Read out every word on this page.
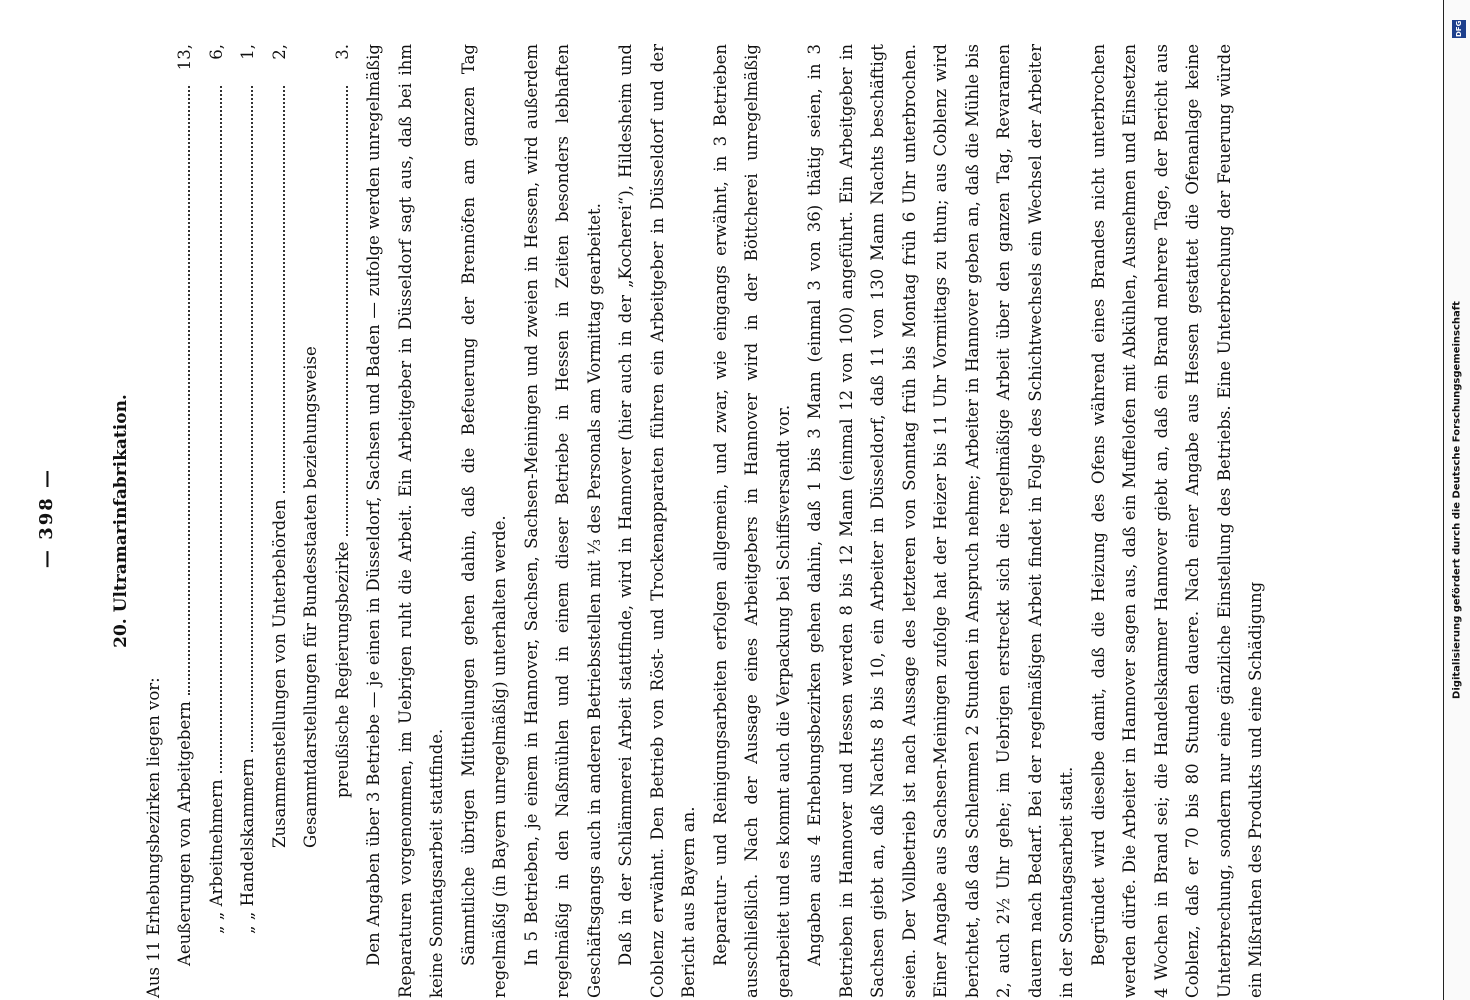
DFG
Digitalisierung gefördert durch die Deutsche Forschungsgemeinschaft
— 398 —	20. Ultramarinfabrikation.

Aus 11 Erhebungsbezirken liegen vor: Aeußerungen von Arbeitgebern
13,
„ „ Arbeitnehmern
6,
„ „ Handelskammern
1,
Zusammenstellungen von Unterbehörden
2,
Gesammtdarstellungen für Bundesstaaten beziehungsweise preußische Regierungsbezirke
3. Den Angaben über 3 Betriebe — je einen in Düsseldorf, Sachsen und Baden — zufolge werden unregelmäßig Reparaturen vorgenommen, im Uebrigen ruht die Arbeit. Ein Arbeitgeber in Düsseldorf sagt aus, daß bei ihm keine Sonntagsarbeit stattfinde. Sämmtliche übrigen Mittheilungen gehen dahin, daß die Befeuerung der Brennöfen am ganzen Tag regelmäßig (in Bayern unregelmäßig) unterhalten werde. In 5 Betrieben, je einem in Hannover, Sachsen, Sachsen-Meiningen und zweien in Hessen, wird außerdem regelmäßig in den Naßmühlen und in einem dieser Betriebe in Hessen in Zeiten besonders lebhaften Geschäftsgangs auch in anderen Betriebsstellen mit ⅓ des Personals am Vormittag gearbeitet. Daß in der Schlämmerei Arbeit stattfinde, wird in Hannover (hier auch in der „Kocherei“), Hildesheim und Coblenz erwähnt. Den Betrieb von Röst- und Trockenapparaten führen ein Arbeitgeber in Düsseldorf und der Bericht aus Bayern an. Reparatur- und Reinigungsarbeiten erfolgen allgemein, und zwar, wie eingangs erwähnt, in 3 Betrieben ausschließlich. Nach der Aussage eines Arbeitgebers in Hannover wird in der Böttcherei unregelmäßig gearbeitet und es kommt auch die Verpackung bei Schiffsversandt vor. Angaben aus 4 Erhebungsbezirken gehen dahin, daß 1 bis 3 Mann (einmal 3 von 36) thätig seien, in 3 Betrieben in Hannover und Hessen werden 8 bis 12 Mann (einmal 12 von 100) angeführt. Ein Arbeitgeber in Sachsen giebt an, daß Nachts 8 bis 10, ein Arbeiter in Düsseldorf, daß 11 von 130 Mann Nachts beschäftigt seien. Der Vollbetrieb ist nach Aussage des letzteren von Sonntag früh bis Montag früh 6 Uhr unterbrochen. Einer Angabe aus Sachsen-Meiningen zufolge hat der Heizer bis 11 Uhr Vormittags zu thun; aus Coblenz wird berichtet, daß das Schlemmen 2 Stunden in Anspruch nehme; Arbeiter in Hannover geben an, daß die Mühle bis 2, auch 2½ Uhr gehe; im Uebrigen erstreckt sich die regelmäßige Arbeit über den ganzen Tag, Revaramen dauern nach Bedarf. Bei der regelmäßigen Arbeit findet in Folge des Schichtwechsels ein Wechsel der Arbeiter in der Sonntagsarbeit statt. Begründet wird dieselbe damit, daß die Heizung des Ofens während eines Brandes nicht unterbrochen werden dürfe. Die Arbeiter in Hannover sagen aus, daß ein Muffelofen mit Abkühlen, Ausnehmen und Einsetzen 4 Wochen in Brand sei; die Handelskammer Hannover giebt an, daß ein Brand mehrere Tage, der Bericht aus Coblenz, daß er 70 bis 80 Stunden dauere. Nach einer Angabe aus Hessen gestattet die Ofenanlage keine Unterbrechung, sondern nur eine gänzliche Einstellung des Betriebs. Eine Unterbrechung der Feuerung würde ein Mißrathen des Produkts und eine Schädigung
